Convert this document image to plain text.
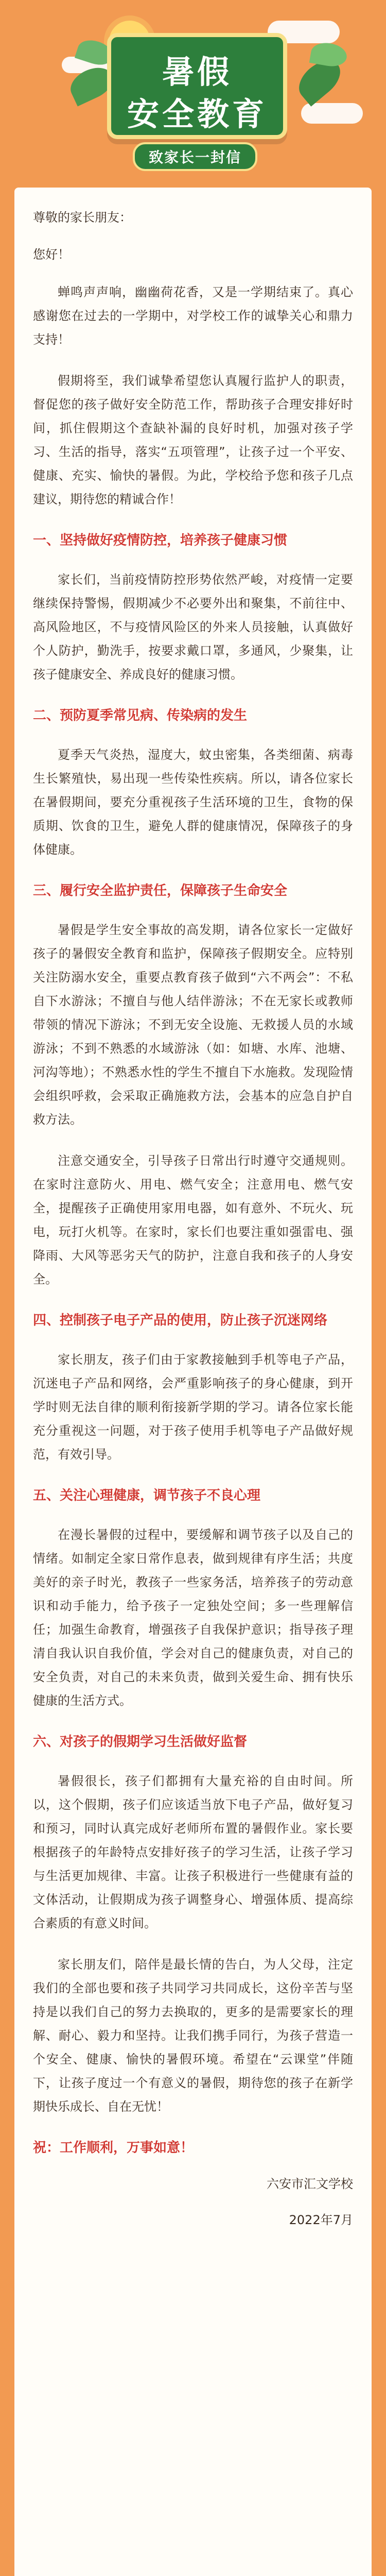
暑假
安全教育
致家长一封信

尊敬的家长朋友：

您好！

蝉鸣声声响，幽幽荷花香，又是一学期结束了。真心感谢您在过去的一学期中，对学校工作的诚挚关心和鼎力支持！

假期将至，我们诚挚希望您认真履行监护人的职责，督促您的孩子做好安全防范工作，帮助孩子合理安排好时间，抓住假期这个查缺补漏的良好时机，加强对孩子学习、生活的指导，落实“五项管理”，让孩子过一个平安、健康、充实、愉快的暑假。为此，学校给予您和孩子几点建议，期待您的精诚合作！

一、坚持做好疫情防控，培养孩子健康习惯

家长们，当前疫情防控形势依然严峻，对疫情一定要继续保持警惕，假期减少不必要外出和聚集，不前往中、高风险地区，不与疫情风险区的外来人员接触，认真做好个人防护，勤洗手，按要求戴口罩，多通风，少聚集，让孩子健康安全、养成良好的健康习惯。

二、预防夏季常见病、传染病的发生

夏季天气炎热，湿度大，蚊虫密集，各类细菌、病毒生长繁殖快，易出现一些传染性疾病。所以，请各位家长在暑假期间，要充分重视孩子生活环境的卫生，食物的保质期、饮食的卫生，避免人群的健康情况，保障孩子的身体健康。

三、履行安全监护责任，保障孩子生命安全

暑假是学生安全事故的高发期，请各位家长一定做好孩子的暑假安全教育和监护，保障孩子假期安全。应特别关注防溺水安全，重要点教育孩子做到“六不两会”：不私自下水游泳；不擅自与他人结伴游泳；不在无家长或教师带领的情况下游泳；不到无安全设施、无救援人员的水域游泳；不到不熟悉的水域游泳（如：如塘、水库、池塘、河沟等地）；不熟悉水性的学生不擅自下水施救。发现险情会组织呼救，会采取正确施救方法，会基本的应急自护自救方法。

注意交通安全，引导孩子日常出行时遵守交通规则。在家时注意防火、用电、燃气安全；注意用电、燃气安全，提醒孩子正确使用家用电器，如有意外、不玩火、玩电，玩打火机等。在家时，家长们也要注重如强雷电、强降雨、大风等恶劣天气的防护，注意自我和孩子的人身安全。

四、控制孩子电子产品的使用，防止孩子沉迷网络

家长朋友，孩子们由于家教接触到手机等电子产品，沉迷电子产品和网络，会严重影响孩子的身心健康，到开学时则无法自律的顺利衔接新学期的学习。请各位家长能充分重视这一问题，对于孩子使用手机等电子产品做好规范，有效引导。

五、关注心理健康，调节孩子不良心理

在漫长暑假的过程中，要缓解和调节孩子以及自己的情绪。如制定全家日常作息表，做到规律有序生活；共度美好的亲子时光，教孩子一些家务活，培养孩子的劳动意识和动手能力，给予孩子一定独处空间；多一些理解信任；加强生命教育，增强孩子自我保护意识；指导孩子理清自我认识自我价值，学会对自己的健康负责，对自己的安全负责，对自己的未来负责，做到关爱生命、拥有快乐健康的生活方式。

六、对孩子的假期学习生活做好监督

暑假很长，孩子们都拥有大量充裕的自由时间。所以，这个假期，孩子们应该适当放下电子产品，做好复习和预习，同时认真完成好老师所布置的暑假作业。家长要根据孩子的年龄特点安排好孩子的学习生活，让孩子学习与生活更加规律、丰富。让孩子积极进行一些健康有益的文体活动，让假期成为孩子调整身心、增强体质、提高综合素质的有意义时间。

家长朋友们，陪伴是最长情的告白，为人父母，注定我们的全部也要和孩子共同学习共同成长，这份辛苦与坚持是以我们自己的努力去换取的，更多的是需要家长的理解、耐心、毅力和坚持。让我们携手同行，为孩子营造一个安全、健康、愉快的暑假环境。希望在“云课堂”伴随下，让孩子度过一个有意义的暑假，期待您的孩子在新学期快乐成长、自在无忧！

祝：工作顺利，万事如意！
六安市汇文学校
2022年7月
